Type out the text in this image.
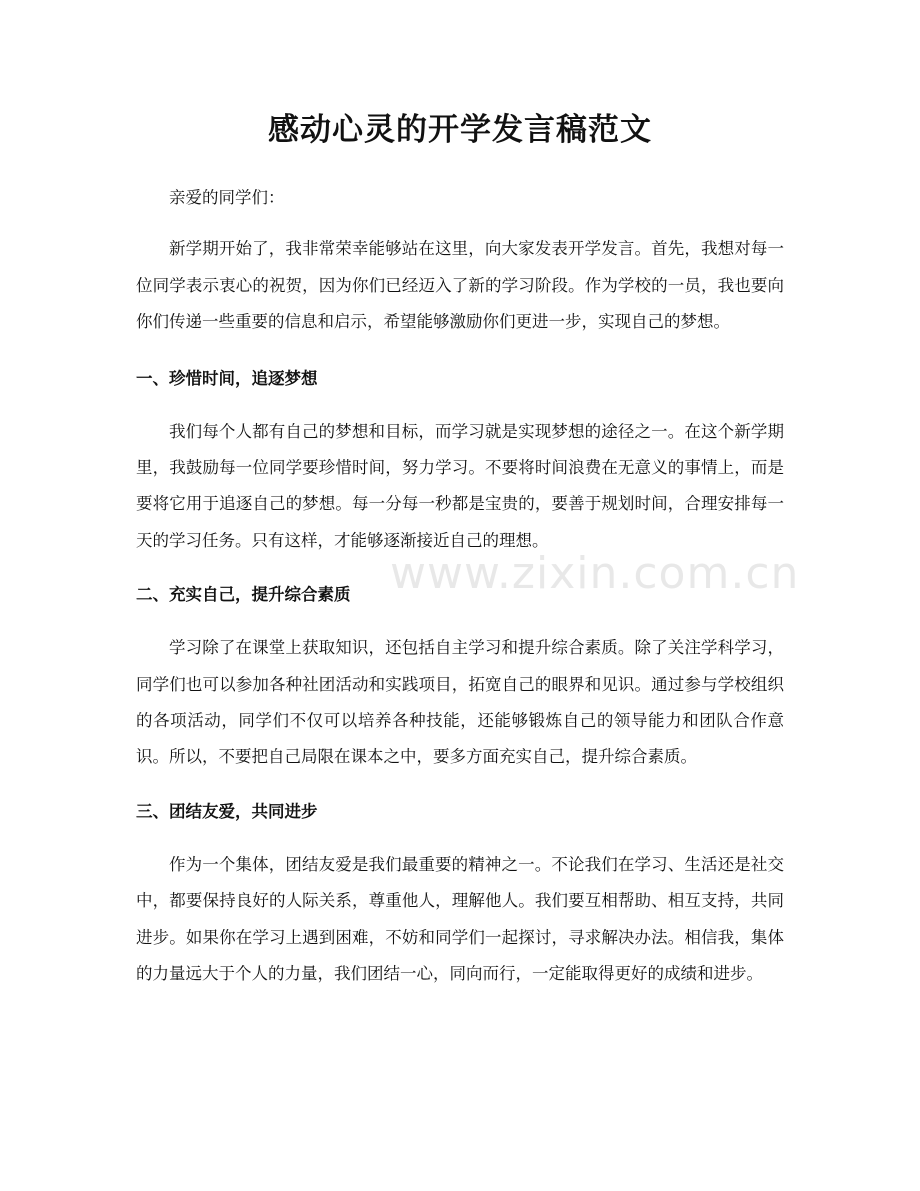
感动心灵的开学发言稿范文

亲爱的同学们：

新学期开始了，我非常荣幸能够站在这里，向大家发表开学发言。首先，我想对每一位同学表示衷心的祝贺，因为你们已经迈入了新的学习阶段。作为学校的一员，我也要向你们传递一些重要的信息和启示，希望能够激励你们更进一步，实现自己的梦想。

一、珍惜时间，追逐梦想

我们每个人都有自己的梦想和目标，而学习就是实现梦想的途径之一。在这个新学期里，我鼓励每一位同学要珍惜时间，努力学习。不要将时间浪费在无意义的事情上，而是要将它用于追逐自己的梦想。每一分每一秒都是宝贵的，要善于规划时间，合理安排每一天的学习任务。只有这样，才能够逐渐接近自己的理想。

二、充实自己，提升综合素质

学习除了在课堂上获取知识，还包括自主学习和提升综合素质。除了关注学科学习，同学们也可以参加各种社团活动和实践项目，拓宽自己的眼界和见识。通过参与学校组织的各项活动，同学们不仅可以培养各种技能，还能够锻炼自己的领导能力和团队合作意识。所以，不要把自己局限在课本之中，要多方面充实自己，提升综合素质。

三、团结友爱，共同进步

作为一个集体，团结友爱是我们最重要的精神之一。不论我们在学习、生活还是社交中，都要保持良好的人际关系，尊重他人，理解他人。我们要互相帮助、相互支持，共同进步。如果你在学习上遇到困难，不妨和同学们一起探讨，寻求解决办法。相信我，集体的力量远大于个人的力量，我们团结一心，同向而行，一定能取得更好的成绩和进步。

www.zixin.com.cn
